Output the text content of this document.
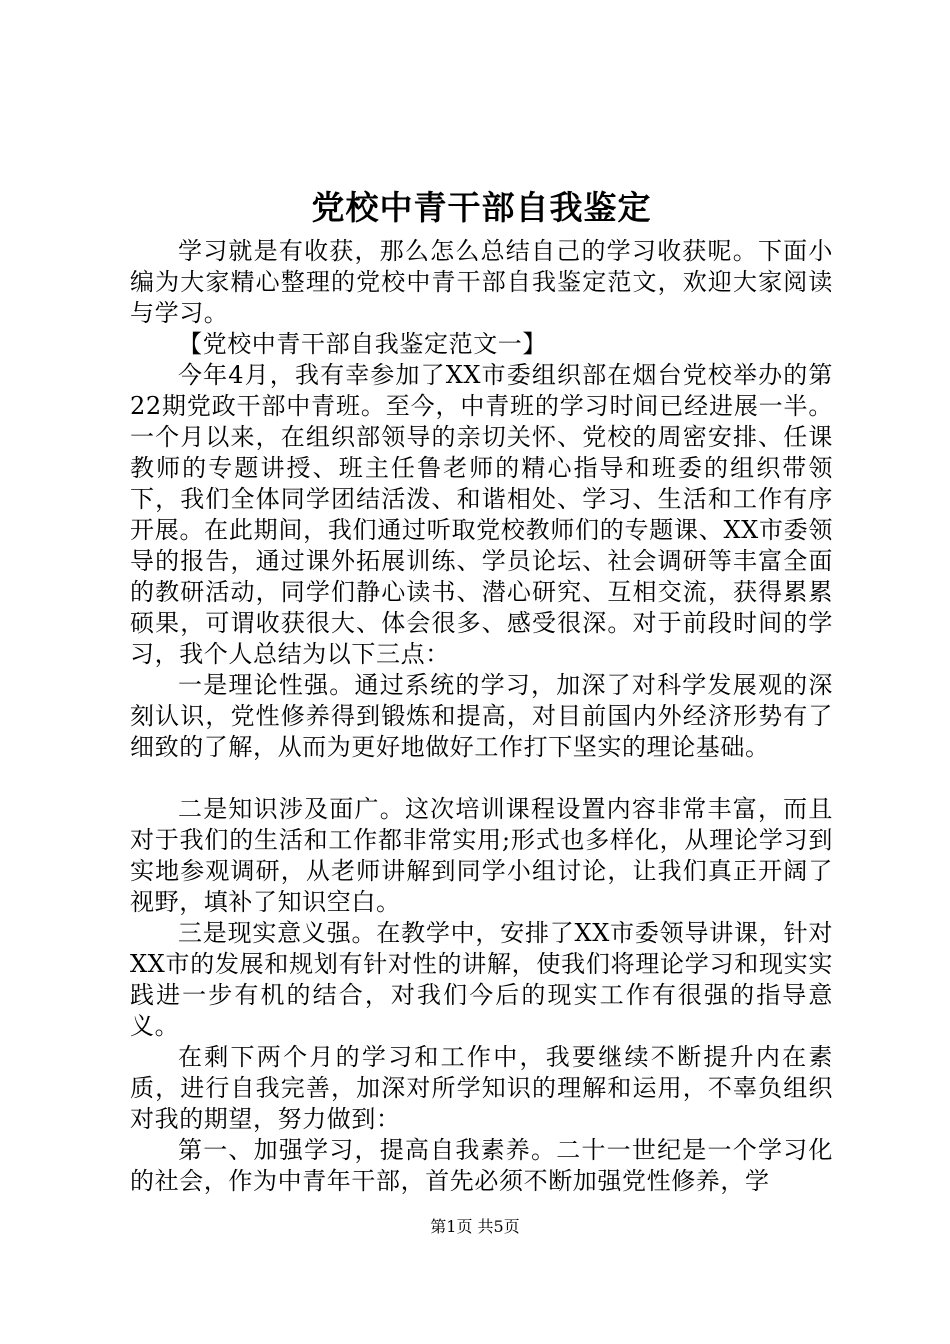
党校中青干部自我鉴定

学习就是有收获，那么怎么总结自己的学习收获呢。下面小编为大家精心整理的党校中青干部自我鉴定范文，欢迎大家阅读与学习。

【党校中青干部自我鉴定范文一】

今年4月，我有幸参加了XX市委组织部在烟台党校举办的第22期党政干部中青班。至今，中青班的学习时间已经进展一半。一个月以来，在组织部领导的亲切关怀、党校的周密安排、任课教师的专题讲授、班主任鲁老师的精心指导和班委的组织带领下，我们全体同学团结活泼、和谐相处、学习、生活和工作有序开展。在此期间，我们通过听取党校教师们的专题课、XX市委领导的报告，通过课外拓展训练、学员论坛、社会调研等丰富全面的教研活动，同学们静心读书、潜心研究、互相交流，获得累累硕果，可谓收获很大、体会很多、感受很深。对于前段时间的学习，我个人总结为以下三点：

一是理论性强。通过系统的学习，加深了对科学发展观的深刻认识，党性修养得到锻炼和提高，对目前国内外经济形势有了细致的了解，从而为更好地做好工作打下坚实的理论基础。

二是知识涉及面广。这次培训课程设置内容非常丰富，而且对于我们的生活和工作都非常实用;形式也多样化，从理论学习到实地参观调研，从老师讲解到同学小组讨论，让我们真正开阔了视野，填补了知识空白。

三是现实意义强。在教学中，安排了XX市委领导讲课，针对XX市的发展和规划有针对性的讲解，使我们将理论学习和现实实践进一步有机的结合，对我们今后的现实工作有很强的指导意义。

在剩下两个月的学习和工作中，我要继续不断提升内在素质，进行自我完善，加深对所学知识的理解和运用，不辜负组织对我的期望，努力做到：

第一、加强学习，提高自我素养。二十一世纪是一个学习化的社会，作为中青年干部，首先必须不断加强党性修养，学

第1页 共5页
